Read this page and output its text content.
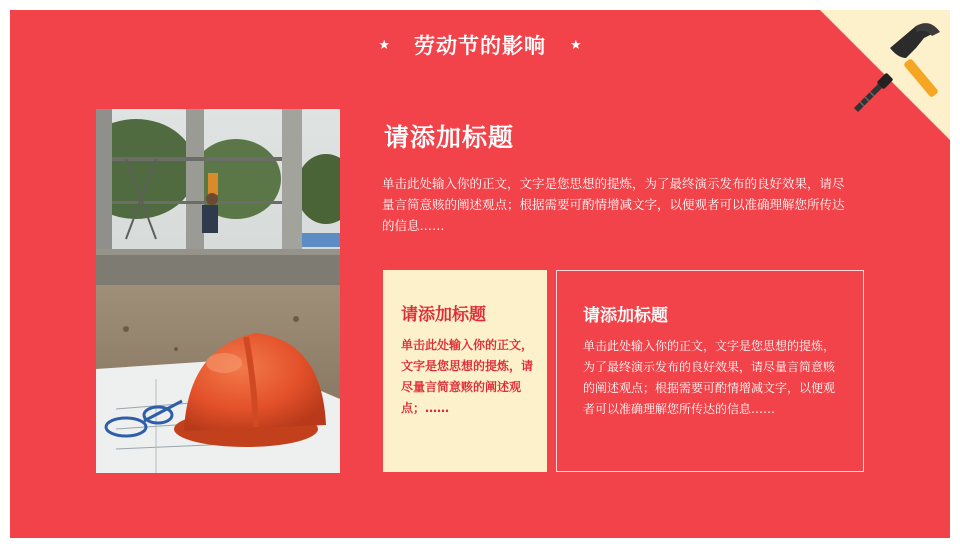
★ 劳动节的影响 ★
请添加标题
单击此处输入你的正文，文字是您思想的提炼，为了最终演示发布的良好效果，请尽量言简意赅的阐述观点；根据需要可酌情增减文字，以便观者可以准确理解您所传达的信息……
请添加标题
单击此处输入你的正文，文字是您思想的提炼，请尽量言简意赅的阐述观点；……
请添加标题
单击此处输入你的正文，文字是您思想的提炼，为了最终演示发布的良好效果，请尽量言简意赅的阐述观点；根据需要可酌情增减文字，以便观者可以准确理解您所传达的信息……
